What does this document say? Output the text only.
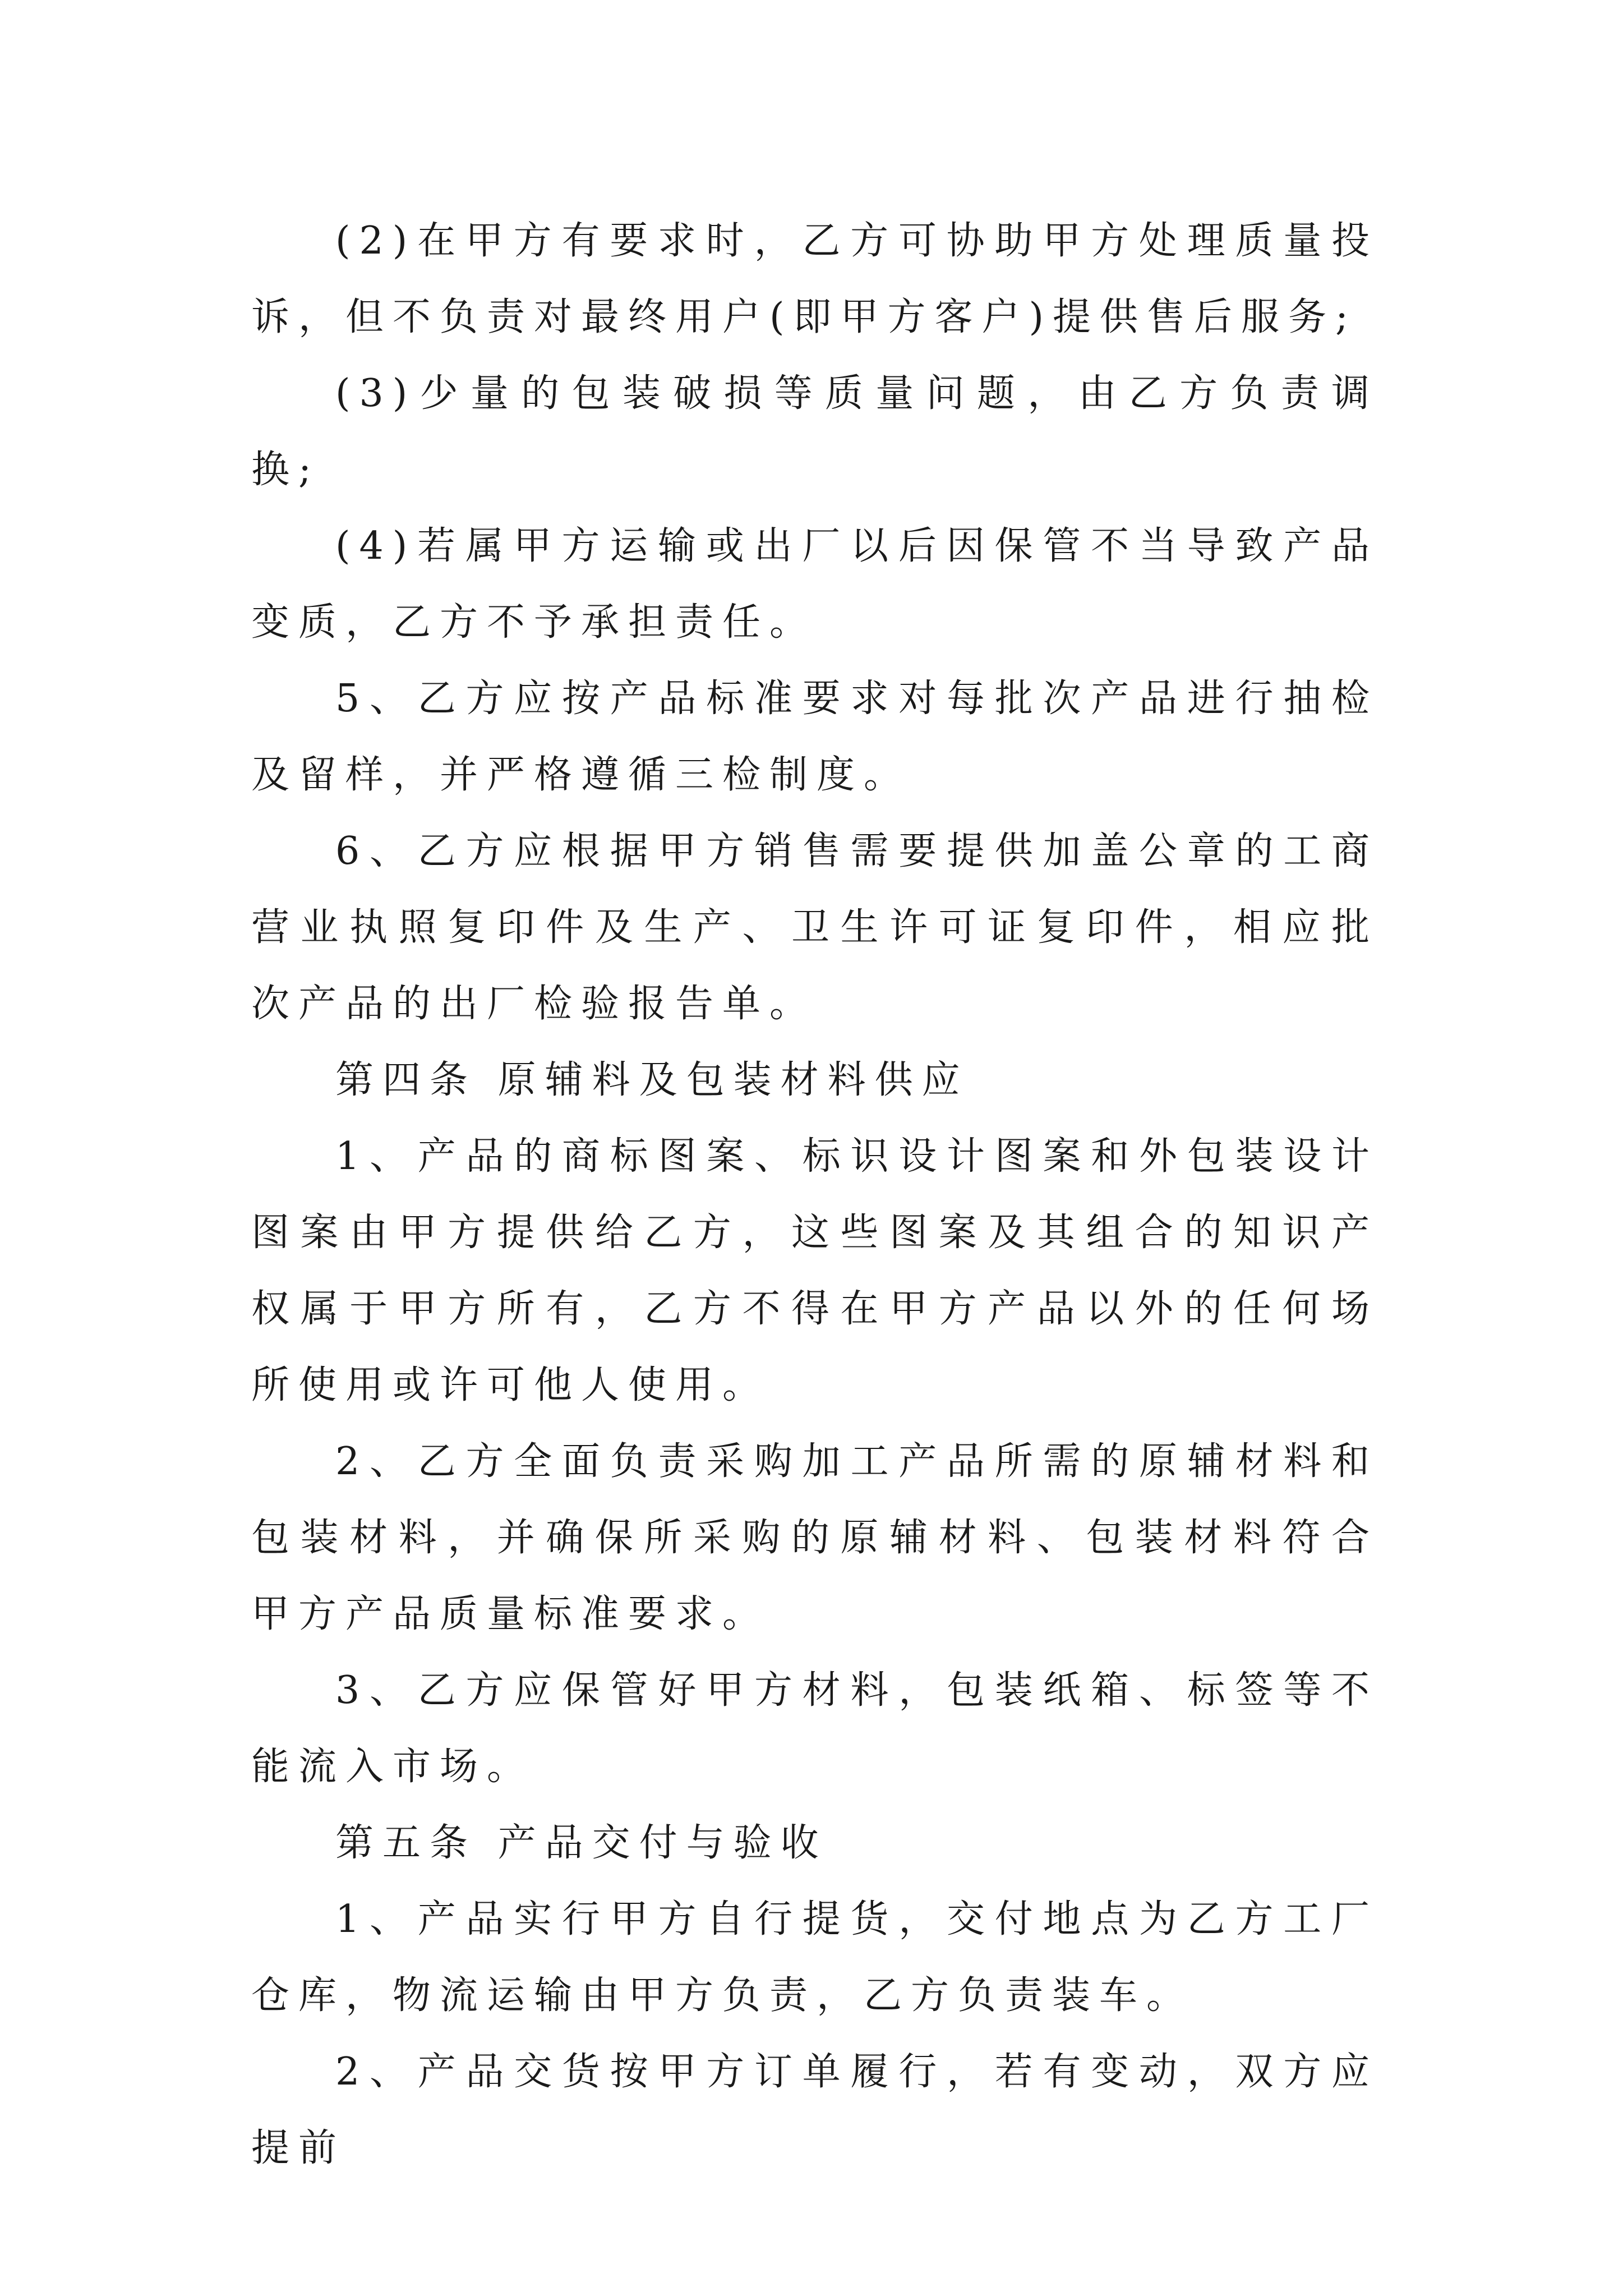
(2)在甲方有要求时，乙方可协助甲方处理质量投诉，但不负责对最终用户(即甲方客户)提供售后服务;

(3)少量的包装破损等质量问题，由乙方负责调换;

(4)若属甲方运输或出厂以后因保管不当导致产品变质，乙方不予承担责任。

5、乙方应按产品标准要求对每批次产品进行抽检及留样，并严格遵循三检制度。

6、乙方应根据甲方销售需要提供加盖公章的工商营业执照复印件及生产、卫生许可证复印件，相应批次产品的出厂检验报告单。

第四条 原辅料及包装材料供应

1、产品的商标图案、标识设计图案和外包装设计图案由甲方提供给乙方，这些图案及其组合的知识产权属于甲方所有，乙方不得在甲方产品以外的任何场所使用或许可他人使用。

2、乙方全面负责采购加工产品所需的原辅材料和包装材料，并确保所采购的原辅材料、包装材料符合甲方产品质量标准要求。

3、乙方应保管好甲方材料，包装纸箱、标签等不能流入市场。

第五条 产品交付与验收

1、产品实行甲方自行提货，交付地点为乙方工厂仓库，物流运输由甲方负责，乙方负责装车。

2、产品交货按甲方订单履行，若有变动，双方应提前
